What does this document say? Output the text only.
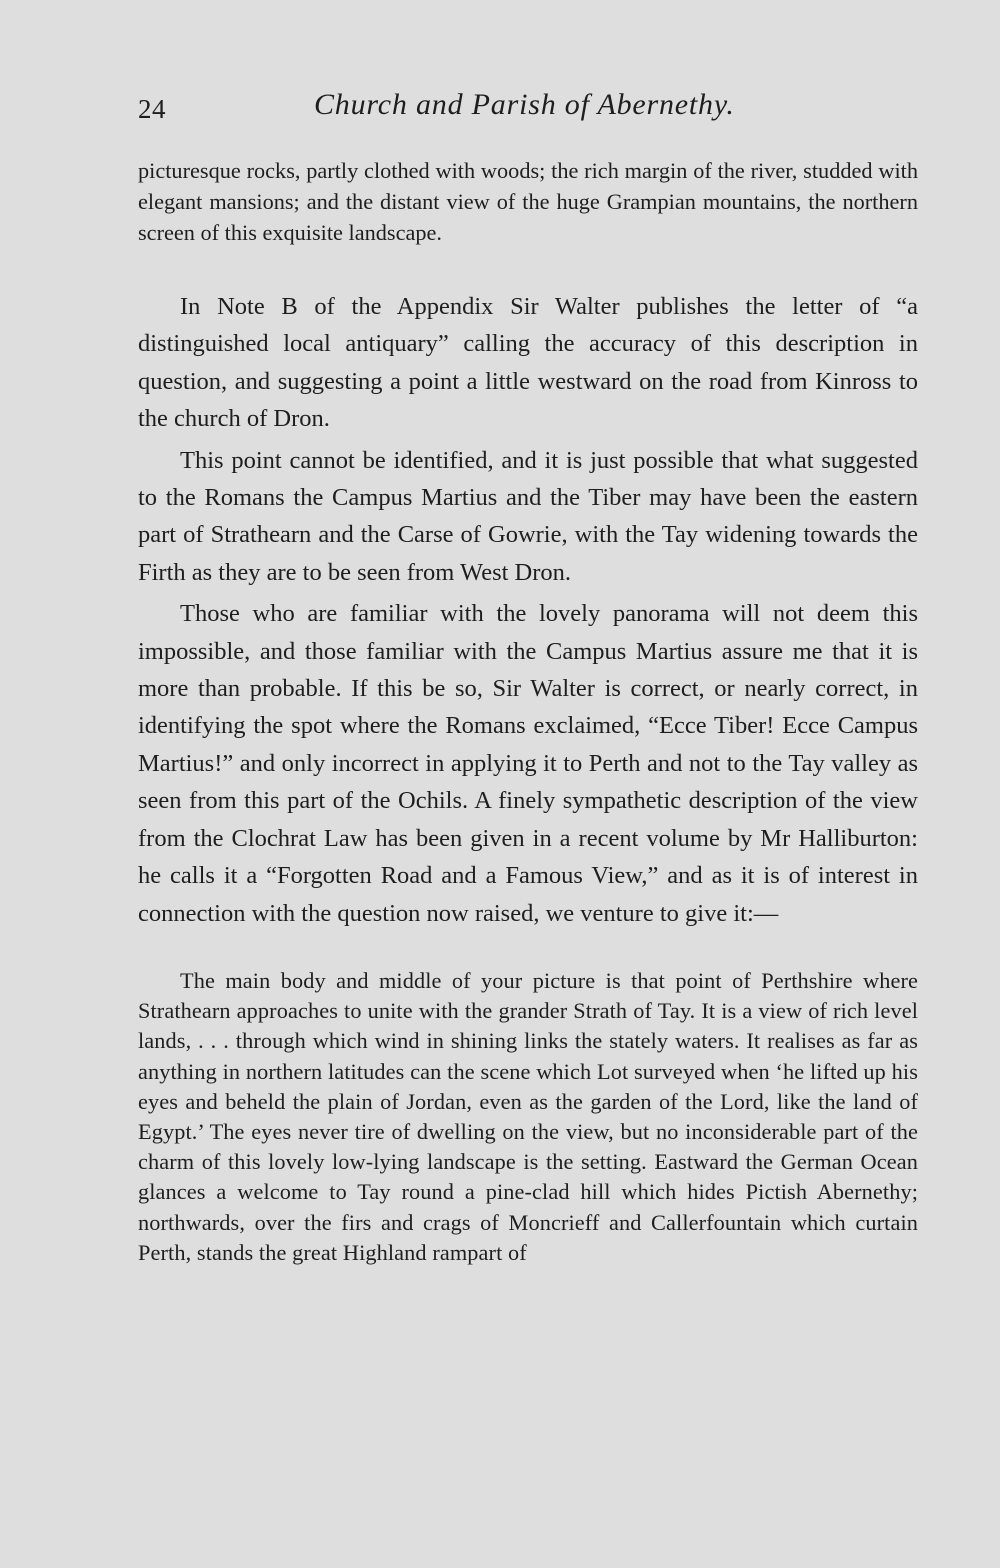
24	Church and Parish of Abernethy.

picturesque rocks, partly clothed with woods; the rich margin of the river, studded with elegant mansions; and the distant view of the huge Grampian mountains, the northern screen of this exquisite landscape.

In Note B of the Appendix Sir Walter publishes the letter of “a distinguished local antiquary” calling the accuracy of this description in question, and suggesting a point a little westward on the road from Kinross to the church of Dron.

This point cannot be identified, and it is just possible that what suggested to the Romans the Campus Martius and the Tiber may have been the eastern part of Strathearn and the Carse of Gowrie, with the Tay widening towards the Firth as they are to be seen from West Dron.

Those who are familiar with the lovely panorama will not deem this impossible, and those familiar with the Campus Martius assure me that it is more than probable. If this be so, Sir Walter is correct, or nearly correct, in identifying the spot where the Romans exclaimed, “Ecce Tiber! Ecce Campus Martius!” and only incorrect in applying it to Perth and not to the Tay valley as seen from this part of the Ochils. A finely sympathetic description of the view from the Clochrat Law has been given in a recent volume by Mr Halliburton: he calls it a “Forgotten Road and a Famous View,” and as it is of interest in connection with the question now raised, we venture to give it:—

The main body and middle of your picture is that point of Perthshire where Strathearn approaches to unite with the grander Strath of Tay. It is a view of rich level lands, . . . through which wind in shining links the stately waters. It realises as far as anything in northern latitudes can the scene which Lot surveyed when ‘he lifted up his eyes and beheld the plain of Jordan, even as the garden of the Lord, like the land of Egypt.’ The eyes never tire of dwelling on the view, but no inconsiderable part of the charm of this lovely low-lying landscape is the setting. Eastward the German Ocean glances a welcome to Tay round a pine-clad hill which hides Pictish Abernethy; northwards, over the firs and crags of Moncrieff and Callerfountain which curtain Perth, stands the great Highland rampart of
